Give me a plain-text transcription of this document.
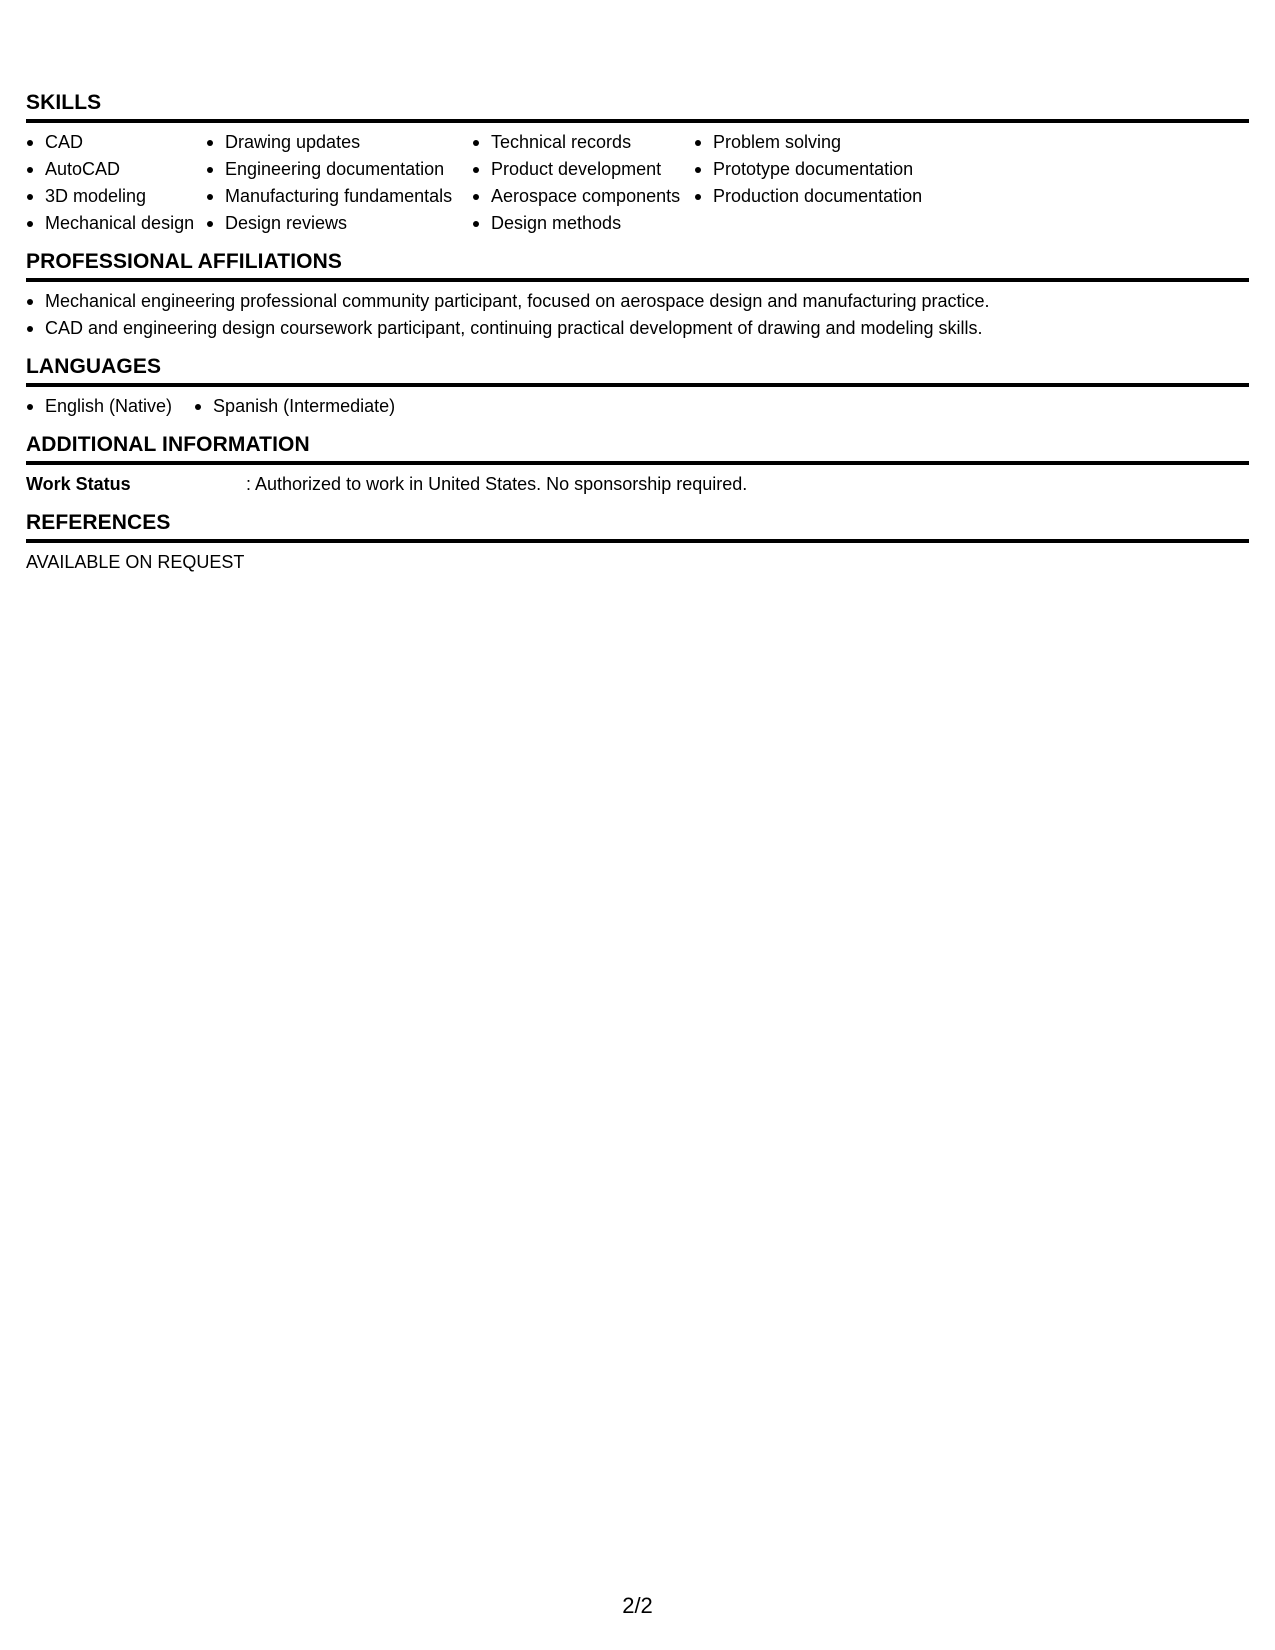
SKILLS
CAD
AutoCAD
3D modeling
Mechanical design
Drawing updates
Engineering documentation
Manufacturing fundamentals
Design reviews
Technical records
Product development
Aerospace components
Design methods
Problem solving
Prototype documentation
Production documentation
PROFESSIONAL AFFILIATIONS
Mechanical engineering professional community participant, focused on aerospace design and manufacturing practice.
CAD and engineering design coursework participant, continuing practical development of drawing and modeling skills.
LANGUAGES
English (Native)	Spanish (Intermediate)
ADDITIONAL INFORMATION
Work Status	: Authorized to work in United States. No sponsorship required.
REFERENCES
AVAILABLE ON REQUEST
2/2
